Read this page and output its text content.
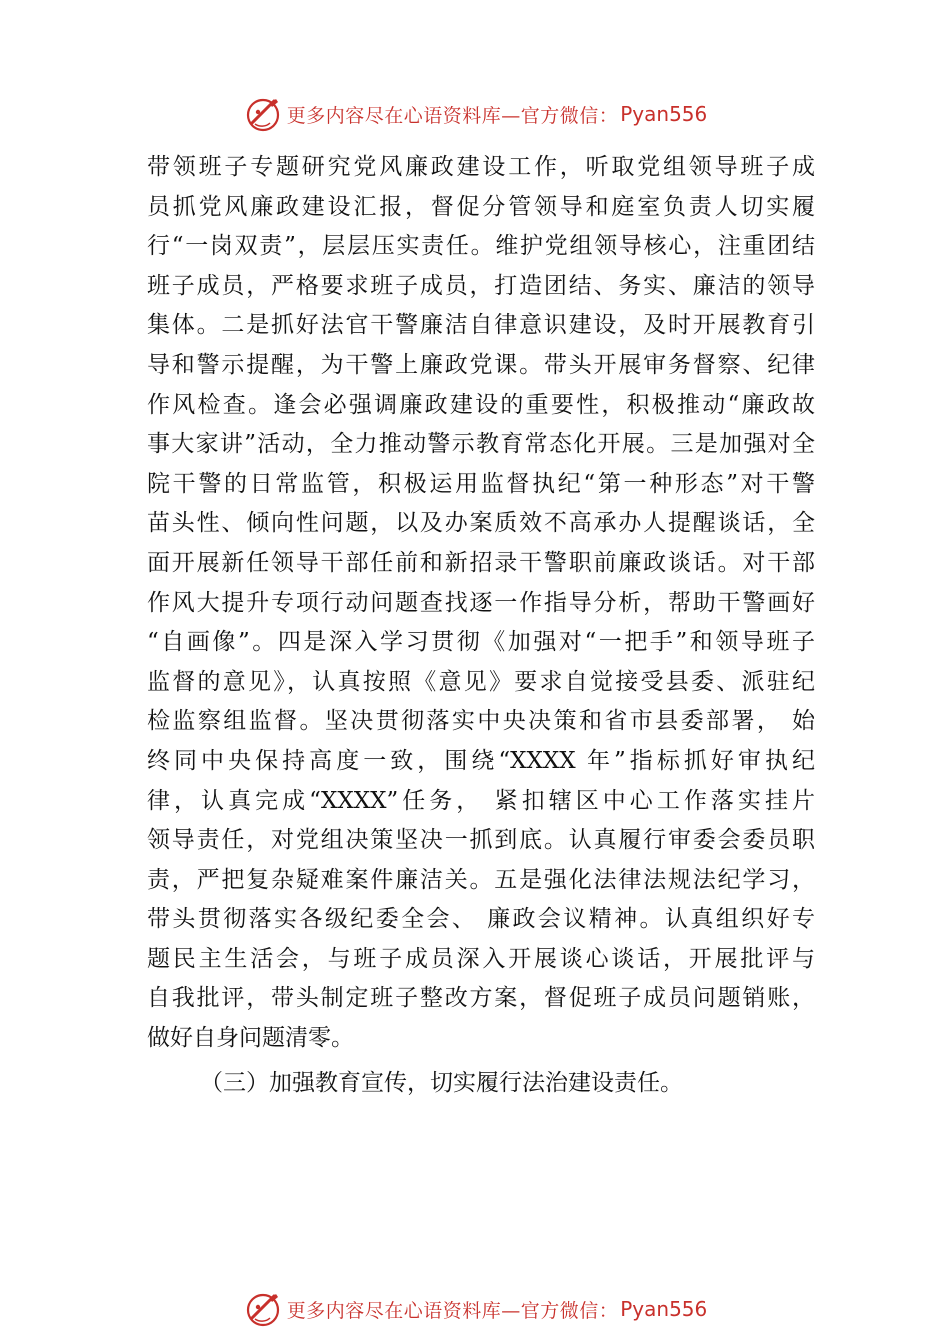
更多内容尽在心语资料库—官方微信： Pyan556
带领班子专题研究党风廉政建设工作，听取党组领导班子成
员抓党风廉政建设汇报，督促分管领导和庭室负责人切实履
行“一岗双责”，层层压实责任。维护党组领导核心，注重团结
班子成员，严格要求班子成员，打造团结、务实、廉洁的领导
集体。二是抓好法官干警廉洁自律意识建设，及时开展教育引
导和警示提醒，为干警上廉政党课。带头开展审务督察、纪律
作风检查。逢会必强调廉政建设的重要性，积极推动“廉政故
事大家讲”活动，全力推动警示教育常态化开展。三是加强对全
院干警的日常监管，积极运用监督执纪“第一种形态”对干警
苗头性、倾向性问题，以及办案质效不高承办人提醒谈话，全
面开展新任领导干部任前和新招录干警职前廉政谈话。对干部
作风大提升专项行动问题查找逐一作指导分析，帮助干警画好
“自画像”。四是深入学习贯彻《加强对“一把手”和领导班子
监督的意见》，认真按照《意见》要求自觉接受县委、派驻纪
检监察组监督。坚决贯彻落实中央决策和省市县委部署， 始
终同中央保持高度一致，围绕“XXXX 年”指标抓好审执纪
律，认真完成“XXXX”任务， 紧扣辖区中心工作落实挂片
领导责任，对党组决策坚决一抓到底。认真履行审委会委员职
责，严把复杂疑难案件廉洁关。五是强化法律法规法纪学习，
带头贯彻落实各级纪委全会、 廉政会议精神。认真组织好专
题民主生活会，与班子成员深入开展谈心谈话，开展批评与
自我批评，带头制定班子整改方案，督促班子成员问题销账，
做好自身问题清零。
（三）加强教育宣传，切实履行法治建设责任。
更多内容尽在心语资料库—官方微信： Pyan556
